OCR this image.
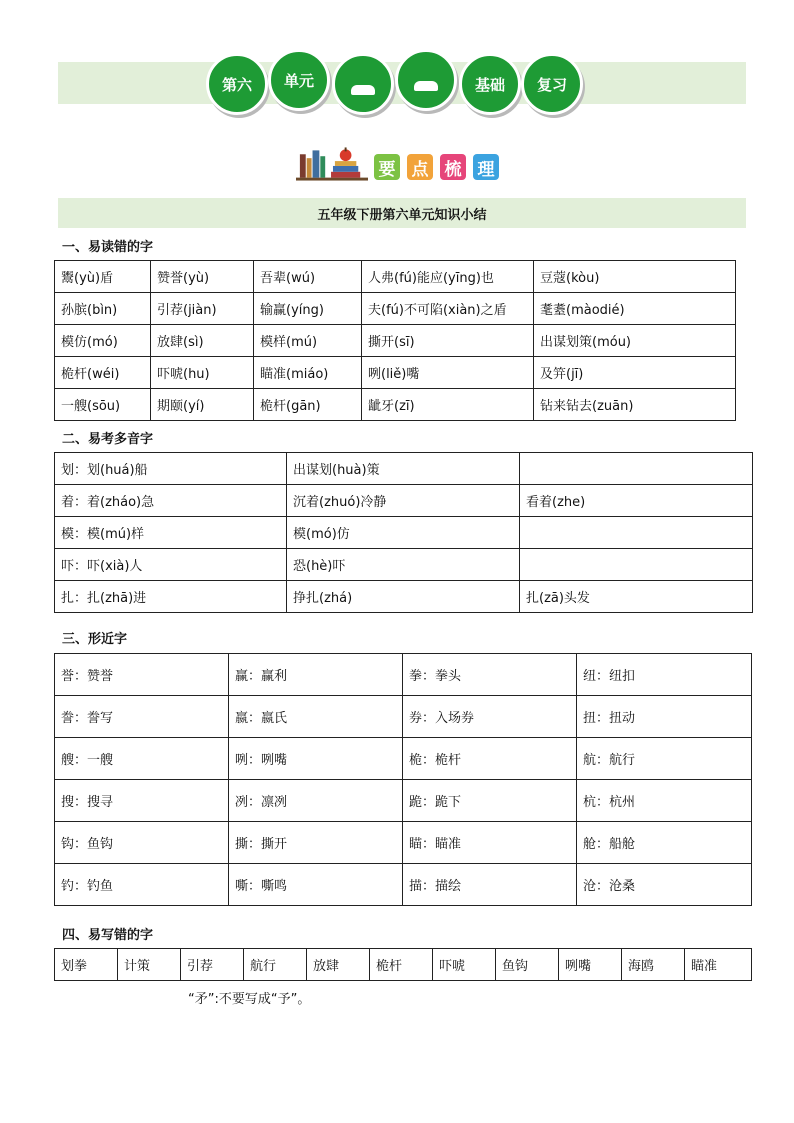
第六 单元	基础 复习
要 点 梳 理
五年级下册第六单元知识小结
一、易读错的字
鬻(yù)盾	赞誉(yù)	吾辈(wú)	人弗(fú)能应(yīng)也	豆蔻(kòu)
孙膑(bìn)	引荐(jiàn)	输赢(yíng)	夫(fú)不可陷(xiàn)之盾	耄耋(màodié)
模仿(mó)	放肆(sì)	模样(mú)	撕开(sī)	出谋划策(móu)
桅杆(wéi)	吓唬(hu)	瞄准(miáo)	咧(liě)嘴	及笄(jī)
一艘(sōu)	期颐(yí)	桅杆(gān)	龇牙(zī)	钻来钻去(zuān)
二、易考多音字
划：划(huá)船	出谋划(huà)策	
着：着(zháo)急	沉着(zhuó)冷静	看着(zhe)
模：模(mú)样	模(mó)仿	
吓：吓(xià)人	恐(hè)吓	
扎：扎(zhā)进	挣扎(zhá)	扎(zā)头发
三、形近字
誉：赞誉	赢：赢利	拳：拳头	纽：纽扣
誊：誊写	嬴：嬴氏	券：入场券	扭：扭动
艘：一艘	咧：咧嘴	桅：桅杆	航：航行
搜：搜寻	冽：凛冽	跪：跪下	杭：杭州
钩：鱼钩	撕：撕开	瞄：瞄准	舱：船舱
钓：钓鱼	嘶：嘶鸣	描：描绘	沧：沧桑
四、易写错的字
划拳	计策	引荐	航行	放肆	桅杆	吓唬	鱼钩	咧嘴	海鸥	瞄准
“矛”:不要写成“予”。
